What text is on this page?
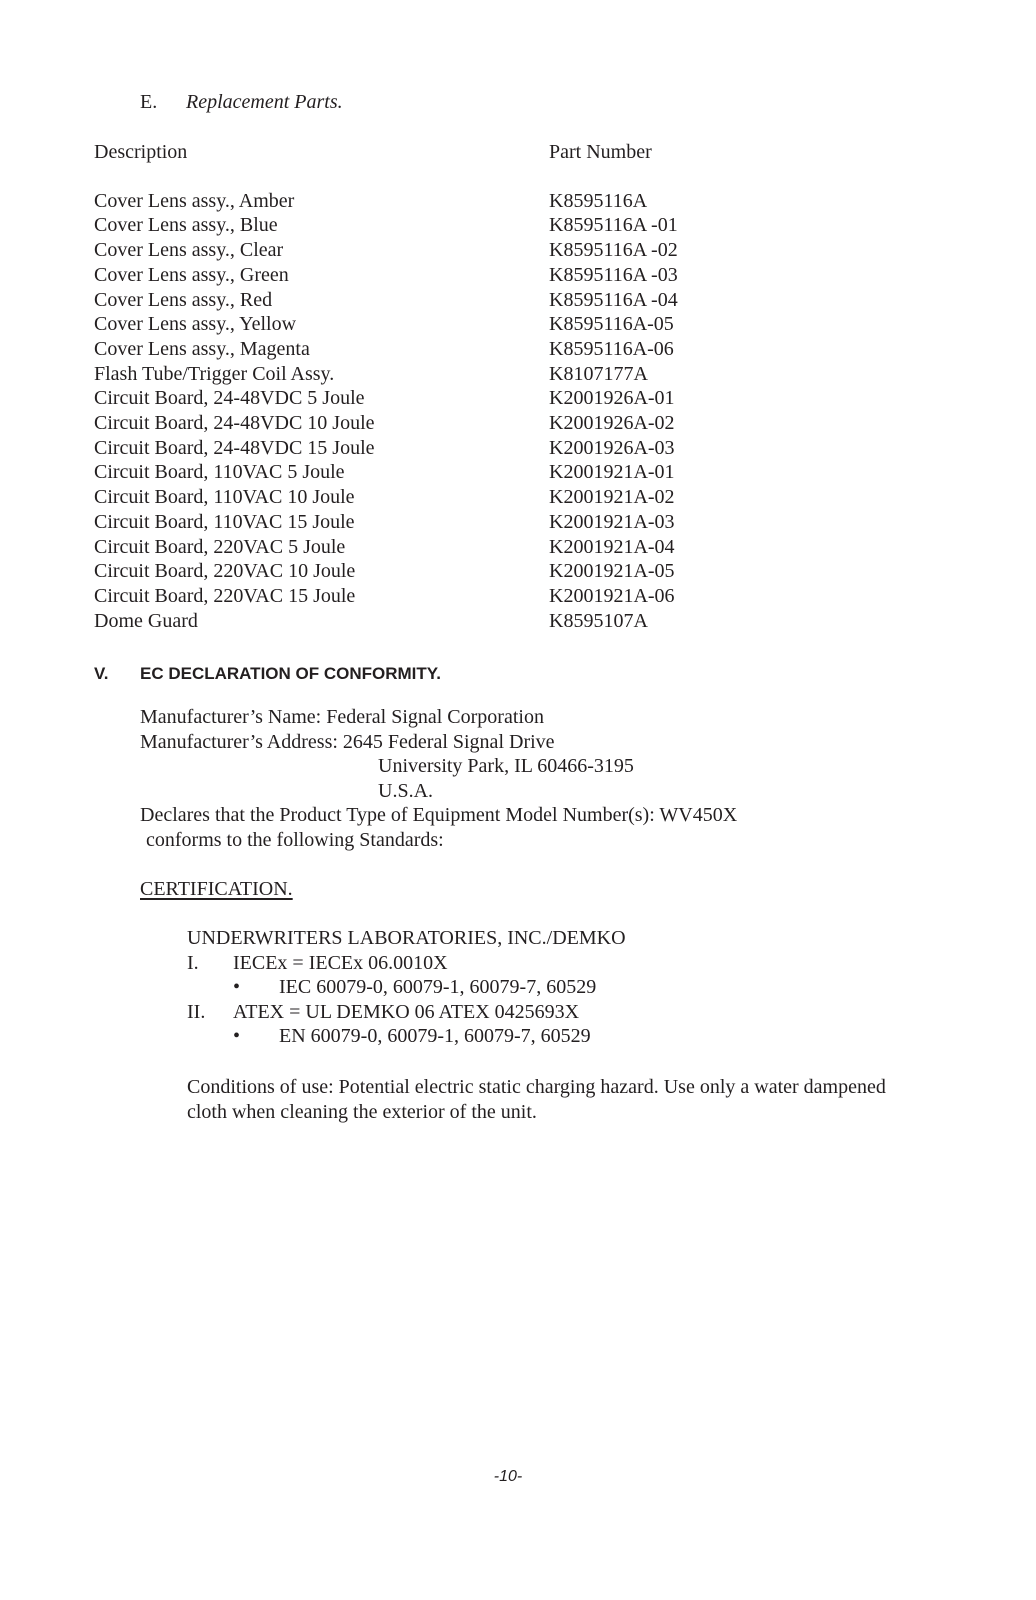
E. Replacement Parts.
Description	Part Number
Cover Lens assy., Amber	K8595116A
Cover Lens assy., Blue	K8595116A -01
Cover Lens assy., Clear	K8595116A -02
Cover Lens assy., Green	K8595116A -03
Cover Lens assy., Red	K8595116A -04
Cover Lens assy., Yellow	K8595116A-05
Cover Lens assy., Magenta	K8595116A-06
Flash Tube/Trigger Coil Assy.	K8107177A
Circuit Board, 24-48VDC 5 Joule	K2001926A-01
Circuit Board, 24-48VDC 10 Joule	K2001926A-02
Circuit Board, 24-48VDC 15 Joule	K2001926A-03
Circuit Board, 110VAC 5 Joule	K2001921A-01
Circuit Board, 110VAC 10 Joule	K2001921A-02
Circuit Board, 110VAC 15 Joule	K2001921A-03
Circuit Board, 220VAC 5 Joule	K2001921A-04
Circuit Board, 220VAC 10 Joule	K2001921A-05
Circuit Board, 220VAC 15 Joule	K2001921A-06
Dome Guard	K8595107A
V. EC DECLARATION OF CONFORMITY.
Manufacturer’s Name: Federal Signal Corporation
Manufacturer’s Address: 2645 Federal Signal Drive
University Park, IL 60466-3195
U.S.A.
Declares that the Product Type of Equipment Model Number(s): WV450X
conforms to the following Standards:
CERTIFICATION.
UNDERWRITERS LABORATORIES, INC./DEMKO
I.	IECEx = IECEx 06.0010X
•	IEC 60079-0, 60079-1, 60079-7, 60529
II.	ATEX = UL DEMKO 06 ATEX 0425693X
•	EN 60079-0, 60079-1, 60079-7, 60529
Conditions of use: Potential electric static charging hazard. Use only a water dampened cloth when cleaning the exterior of the unit.
-10-
